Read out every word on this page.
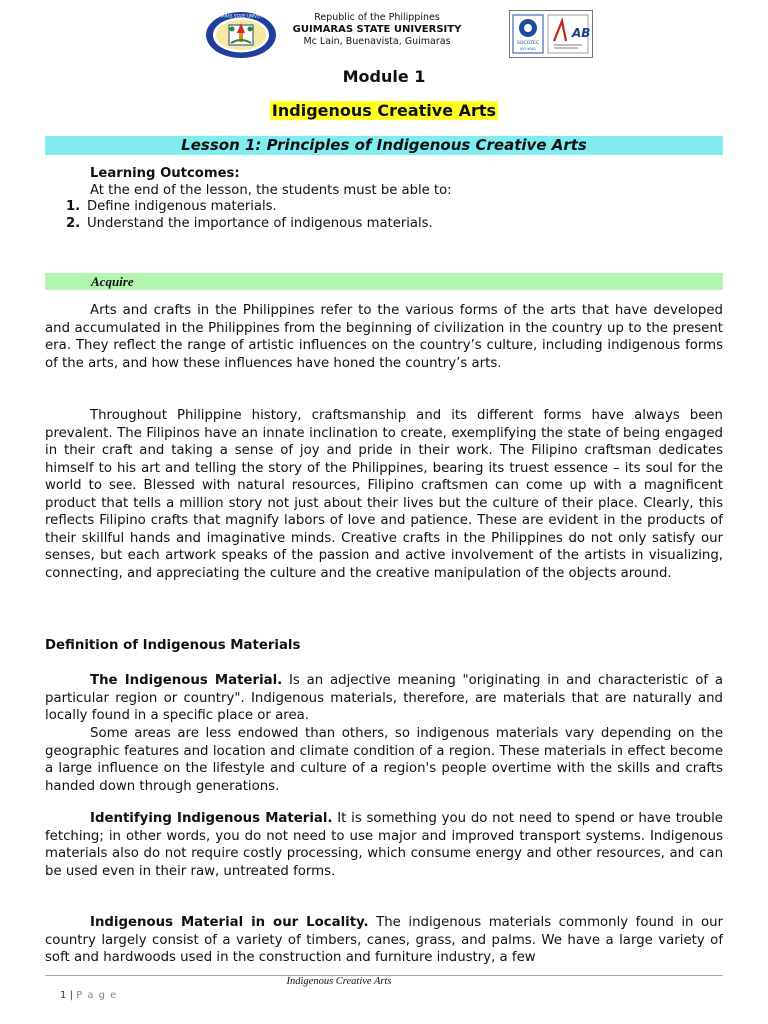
GUIMARAS STATE UNIVERSITY	Republic of the Philippines
GUIMARAS STATE UNIVERSITY
Mc Lain, Buenavista, Guimaras	SOCOTEC
ISO 9001
AB
Module 1
Indigenous Creative Arts
Lesson 1: Principles of Indigenous Creative Arts
Learning Outcomes:
At the end of the lesson, the students must be able to:
1. Define indigenous materials.
2. Understand the importance of indigenous materials.
Acquire

Arts and crafts in the Philippines refer to the various forms of the arts that have developed and accumulated in the Philippines from the beginning of civilization in the country up to the present era. They reflect the range of artistic influences on the country’s culture, including indigenous forms of the arts, and how these influences have honed the country’s arts.

Throughout Philippine history, craftsmanship and its different forms have always been prevalent. The Filipinos have an innate inclination to create, exemplifying the state of being engaged in their craft and taking a sense of joy and pride in their work. The Filipino craftsman dedicates himself to his art and telling the story of the Philippines, bearing its truest essence – its soul for the world to see. Blessed with natural resources, Filipino craftsmen can come up with a magnificent product that tells a million story not just about their lives but the culture of their place. Clearly, this reflects Filipino crafts that magnify labors of love and patience. These are evident in the products of their skillful hands and imaginative minds. Creative crafts in the Philippines do not only satisfy our senses, but each artwork speaks of the passion and active involvement of the artists in visualizing, connecting, and appreciating the culture and the creative manipulation of the objects around.

Definition of Indigenous Materials

The Indigenous Material. Is an adjective meaning "originating in and characteristic of a particular region or country". Indigenous materials, therefore, are materials that are naturally and locally found in a specific place or area.

Some areas are less endowed than others, so indigenous materials vary depending on the geographic features and location and climate condition of a region. These materials in effect become a large influence on the lifestyle and culture of a region's people overtime with the skills and crafts handed down through generations.

Identifying Indigenous Material. It is something you do not need to spend or have trouble fetching; in other words, you do not need to use major and improved transport systems. Indigenous materials also do not require costly processing, which consume energy and other resources, and can be used even in their raw, untreated forms.

Indigenous Material in our Locality. The indigenous materials commonly found in our country largely consist of a variety of timbers, canes, grass, and palms. We have a large variety of soft and hardwoods used in the construction and furniture industry, a few

Indigenous Creative Arts
1 | P a g e
